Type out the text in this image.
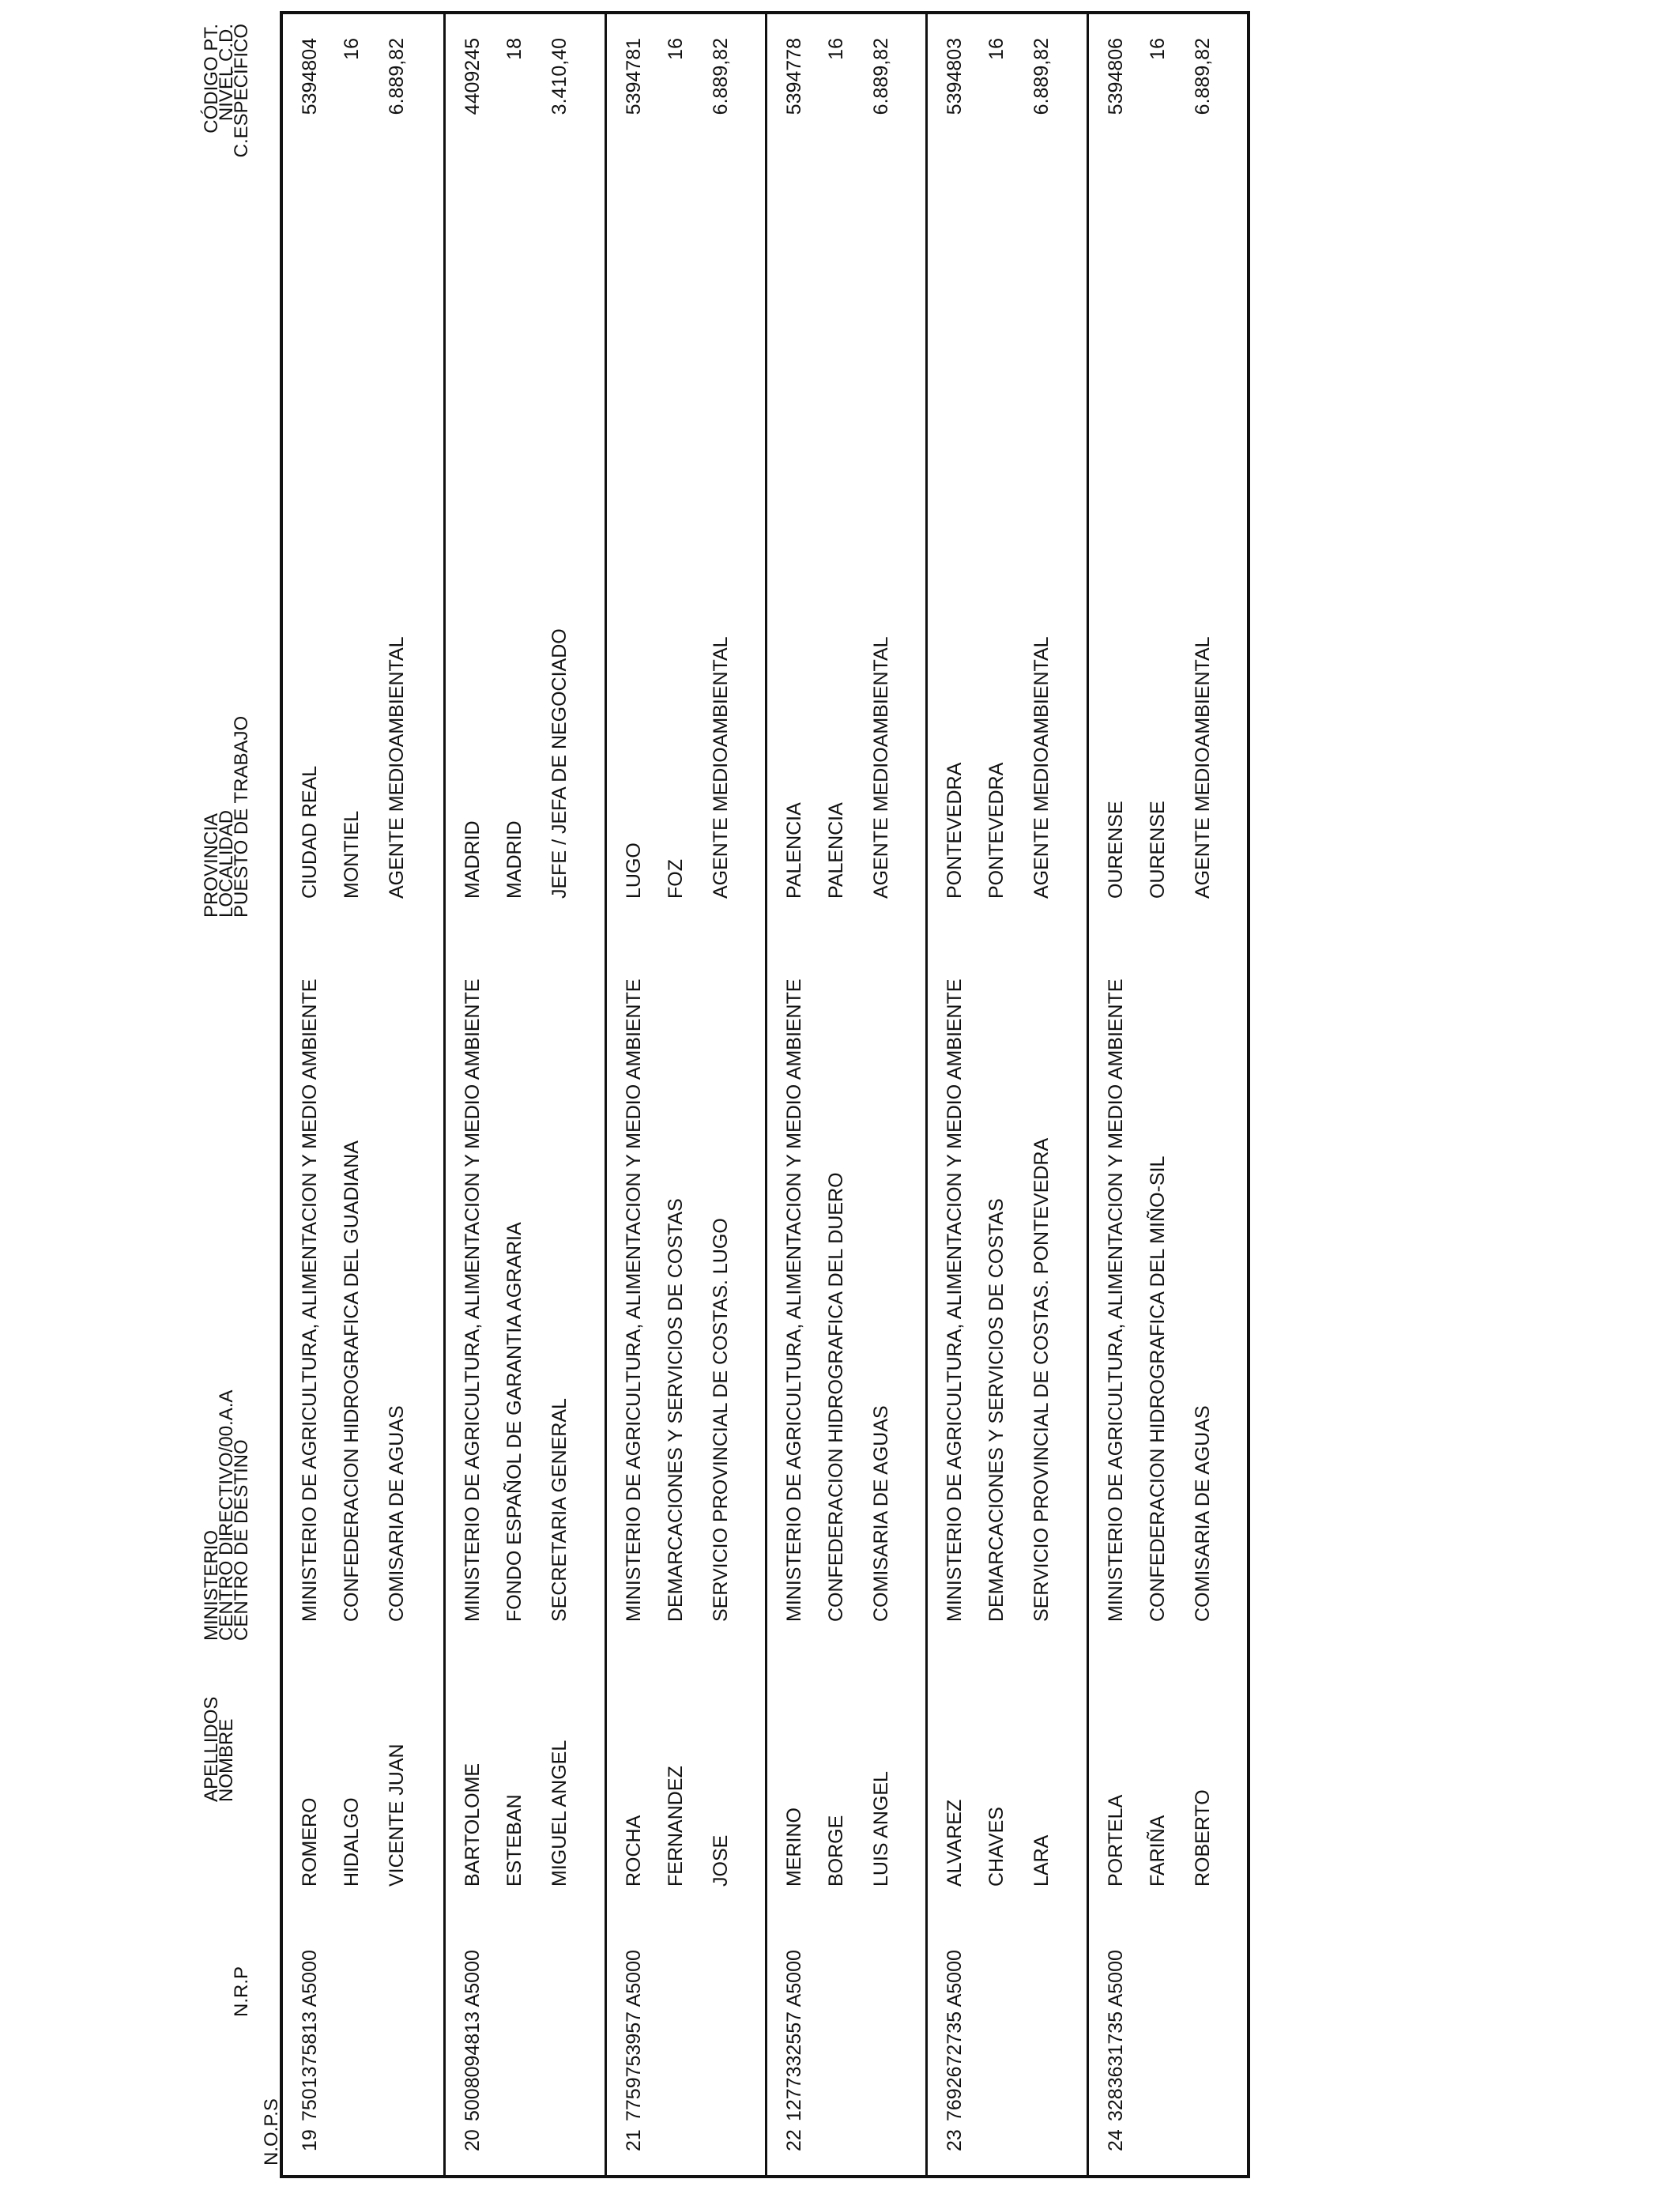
N.O.P.S
N.R.P
APELLIDOS
NOMBRE
MINISTERIO
CENTRO DIRECTIVO/00.A.A
CENTRO DE DESTINO
PROVINCIA
LOCALIDAD
PUESTO DE TRABAJO
CÓDIGO PT.
NIVEL C.D.
C.ESPECÍFICO
19
7501375813 A5000
ROMERO HIDALGO VICENTE JUAN
MINISTERIO DE AGRICULTURA, ALIMENTACION Y MEDIO AMBIENTE CONFEDERACION HIDROGRAFICA DEL GUADIANA COMISARIA DE AGUAS
CIUDAD REAL MONTIEL AGENTE MEDIOAMBIENTAL
5394804 16 6.889,82
20
5008094813 A5000
BARTOLOME ESTEBAN MIGUEL ANGEL
MINISTERIO DE AGRICULTURA, ALIMENTACION Y MEDIO AMBIENTE FONDO ESPAÑOL DE GARANTIA AGRARIA SECRETARIA GENERAL
MADRID MADRID JEFE / JEFA DE NEGOCIADO
4409245 18 3.410,40
21
7759753957 A5000
ROCHA FERNANDEZ JOSE
MINISTERIO DE AGRICULTURA, ALIMENTACION Y MEDIO AMBIENTE DEMARCACIONES Y SERVICIOS DE COSTAS SERVICIO PROVINCIAL DE COSTAS. LUGO
LUGO FOZ AGENTE MEDIOAMBIENTAL
5394781 16 6.889,82
22
1277332557 A5000
MERINO BORGE LUIS ANGEL
MINISTERIO DE AGRICULTURA, ALIMENTACION Y MEDIO AMBIENTE CONFEDERACION HIDROGRAFICA DEL DUERO COMISARIA DE AGUAS
PALENCIA PALENCIA AGENTE MEDIOAMBIENTAL
5394778 16 6.889,82
23
7692672735 A5000
ALVAREZ CHAVES LARA
MINISTERIO DE AGRICULTURA, ALIMENTACION Y MEDIO AMBIENTE DEMARCACIONES Y SERVICIOS DE COSTAS SERVICIO PROVINCIAL DE COSTAS. PONTEVEDRA
PONTEVEDRA PONTEVEDRA AGENTE MEDIOAMBIENTAL
5394803 16 6.889,82
24
3283631735 A5000
PORTELA FARIÑA ROBERTO
MINISTERIO DE AGRICULTURA, ALIMENTACION Y MEDIO AMBIENTE CONFEDERACION HIDROGRAFICA DEL MIÑO-SIL COMISARIA DE AGUAS
OURENSE OURENSE AGENTE MEDIOAMBIENTAL
5394806 16 6.889,82
